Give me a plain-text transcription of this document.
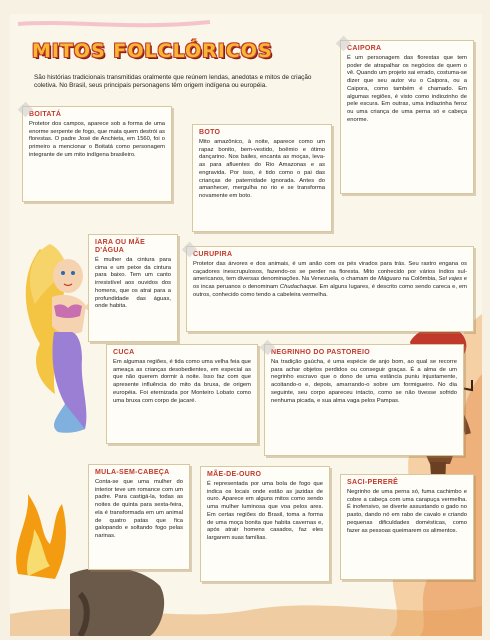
MITOS FOLCLÓRICOS
São histórias tradicionais transmitidas oralmente que reúnem lendas, anedotas e mitos de criação coletiva. No Brasil, seus principais personagens têm origem indígena ou européia.
BOITATÁ

Protetor dos campos, aparece sob a forma de uma enorme serpente de fogo, que mata quem destrói as florestas. O padre José de Anchieta, em 1560, foi o primeiro a mencionar o Boitatá como personagem integrante de um mito indígena brasileiro.

BOTO

Mito amazônico, à noite, aparece como um rapaz bonito, bem-vestido, boêmio e ótimo dançarino. Nos bailes, encanta as moças, leva-as para afluentes do Rio Amazonas e as engravida. Por isso, é tido como o pai das crianças de paternidade ignorada. Antes do amanhecer, mergulha no rio e se transforma novamente em boto.

CAIPORA

É um personagem das florestas que tem poder de atrapalhar os negócios de quem o vê. Quando um projeto sai errado, costuma-se dizer que seu autor viu o Caipora, ou a Caipora, como também é chamado. Em algumas regiões, é visto como indiozinho de pele escura. Em outras, uma indiazinha feroz ou uma criança de uma perna só e cabeça enorme.

IARA OU MÃE D'ÁGUA

É mulher da cintura para cima e um peixe da cintura para baixo. Tem um canto irresistível aos ouvidos dos homens, que os atrai para a profundidade das águas, onde habita.

CURUPIRA

Protetor das árvores e dos animais, é um anão com os pés virados para trás. Seu rastro engana os caçadores inescrupulosos, fazendo-os se perder na floresta. Mito conhecido por vários índios sul-americanos, tem diversas denominações. Na Venezuela, o chamam de Máguaro na Colômbia, Sel vajes e os incas peruanos o denominam Chudachaque. Em alguns lugares, é descrito como sendo careca e, em outros, conhecido como tendo a cabeleira vermelha.

CUCA

Em algumas regiões, é tida como uma velha feia que ameaça as crianças desobedientes, em especial as que não querem dormir à noite. Isso faz com que apresente influência do mito da bruxa, de origem européia. Foi eternizada por Monteiro Lobato como uma bruxa com corpo de jacaré.

NEGRINHO DO PASTOREIO

Na tradição gaúcha, é uma espécie de anjo bom, ao qual se recorre para achar objetos perdidos ou conseguir graças. É a alma de um negrinho escravo que o dono de uma estância puniu injustamente, acoitando-o e, depois, amarrando-o sobre um formigueiro. No dia seguinte, seu corpo apareceu intacto, como se não tivesse sofrido nenhuma picada, e sua alma vaga pelos Pampas.

MULA-SEM-CABEÇA

Conta-se que uma mulher do interior teve um romance com um padre. Para castigá-la, todas as noites de quinta para sexta-feira, ela é transformada em um animal de quatro patas que fica galopando e soltando fogo pelas narinas.

MÃE-DE-OURO

É representada por uma bola de fogo que indica os locais onde estão as jazidas de ouro. Aparece em alguns mitos como sendo uma mulher luminosa que voa pelos ares. Em certas regiões do Brasil, toma a forma de uma moça bonita que habita cavernas e, após atrair homens casados, faz eles largarem suas famílias.

SACI-PERERÊ

Negrinho de uma perna só, fuma cachimbo e cobre a cabeça com uma carapuça vermelha. É inofensivo, se diverte assustando o gado no pasto, dando nó em rabo de cavalo e criando pequenas dificuldades domésticas, como fazer as pessoas queimarem os alimentos.
